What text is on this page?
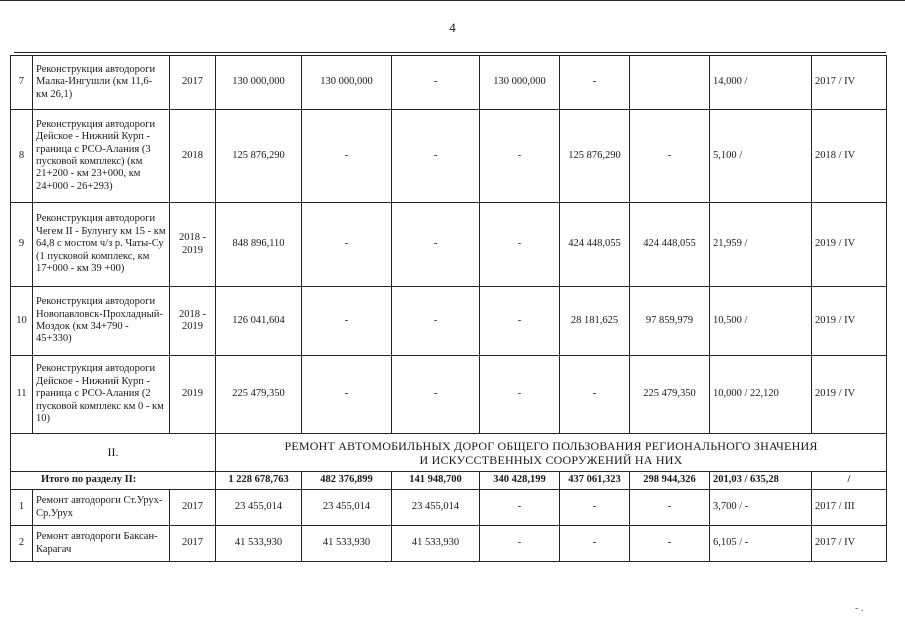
4
7	Реконструкция автодороги Малка-Ингушли (км 11,6- км 26,1)	2017	130 000,000	130 000,000	-	130 000,000	-		14,000 /	2017 / IV
8	Реконструкция автодороги Дейское - Нижний Курп - граница с РСО-Алания (3 пусковой комплекс) (км 21+200 - км 23+000, км 24+000 - 26+293)	2018	125 876,290	-	-	-	125 876,290	-	5,100 /	2018 / IV
9	Реконструкция автодороги Чегем II - Булунгу км 15 - км 64,8 с мостом ч/з р. Чаты-Су (1 пусковой комплекс, км 17+000 - км 39 +00)	2018 - 2019	848 896,110	-	-	-	424 448,055	424 448,055	21,959 /	2019 / IV
10	Реконструкция автодороги Новопавловск-Прохладный-Моздок (км 34+790 - 45+330)	2018 - 2019	126 041,604	-	-	-	28 181,625	97 859,979	10,500 /	2019 / IV
11	Реконструкция автодороги Дейское - Нижний Курп - граница с РСО-Алания (2 пусковой комплекс км 0 - км 10)	2019	225 479,350	-	-	-	-	225 479,350	10,000 / 22,120	2019 / IV
II.			РЕМОНТ АВТОМОБИЛЬНЫХ ДОРОГ ОБЩЕГО ПОЛЬЗОВАНИЯ РЕГИОНАЛЬНОГО ЗНАЧЕНИЯ
И ИСКУССТВЕННЫХ СООРУЖЕНИЙ НА НИХ							

Итого по разделу II:			1 228 678,763	482 376,899	141 948,700	340 428,199	437 061,323	298 944,326	201,03 / 635,28	/
1	Ремонт автодороги Ст.Урух-Ср.Урух	2017	23 455,014	23 455,014	23 455,014	-	-	-	3,700 / -	2017 / III
2	Ремонт автодороги Баксан-Карагач	2017	41 533,930	41 533,930	41 533,930	-	-	-	6,105 / -	2017 / IV
- .
